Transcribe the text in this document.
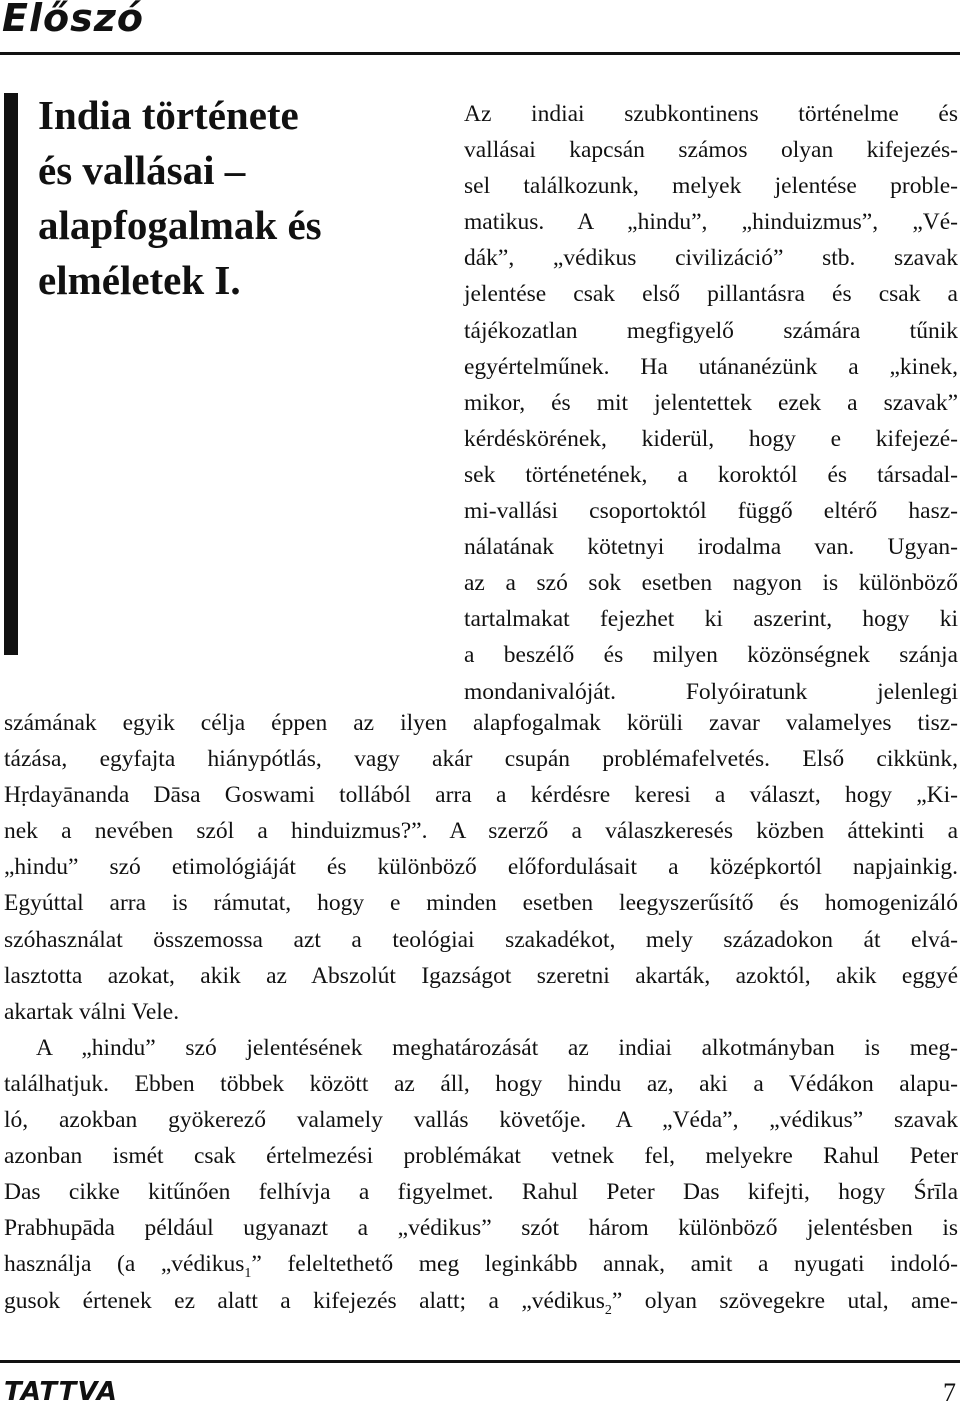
Előszó
India története
és vallásai –
alapfogalmak és
elméletek I.
Az indiai szubkontinens történelme és
vallásai kapcsán számos olyan kifejezés-
sel találkozunk, melyek jelentése proble-
matikus. A „hindu”, „hinduizmus”, „Vé-
dák”, „védikus civilizáció” stb. szavak
jelentése csak első pillantásra és csak a
tájékozatlan megfigyelő számára tűnik
egyértelműnek. Ha utánanézünk a „kinek,
mikor, és mit jelentettek ezek a szavak”
kérdéskörének, kiderül, hogy e kifejezé-
sek történetének, a koroktól és társadal-
mi-vallási csoportoktól függő eltérő hasz-
nálatának kötetnyi irodalma van. Ugyan-
az a szó sok esetben nagyon is különböző
tartalmakat fejezhet ki aszerint, hogy ki
a beszélő és milyen közönségnek szánja
mondanivalóját. Folyóiratunk jelenlegi
számának egyik célja éppen az ilyen alapfogalmak körüli zavar valamelyes tisz-
tázása, egyfajta hiánypótlás, vagy akár csupán problémafelvetés. Első cikkünk,
Hṛdayānanda Dāsa Goswami tollából arra a kérdésre keresi a választ, hogy „Ki-
nek a nevében szól a hinduizmus?”. A szerző a válaszkeresés közben áttekinti a
„hindu” szó etimológiáját és különböző előfordulásait a középkortól napjainkig.
Egyúttal arra is rámutat, hogy e minden esetben leegyszerűsítő és homogenizáló
szóhasználat összemossa azt a teológiai szakadékot, mely századokon át elvá-
lasztotta azokat, akik az Abszolút Igazságot szeretni akarták, azoktól, akik eggyé
akartak válni Vele.
A „hindu” szó jelentésének meghatározását az indiai alkotmányban is meg-
találhatjuk. Ebben többek között az áll, hogy hindu az, aki a Védákon alapu-
ló, azokban gyökerező valamely vallás követője. A „Véda”, „védikus” szavak
azonban ismét csak értelmezési problémákat vetnek fel, melyekre Rahul Peter
Das cikke kitűnően felhívja a figyelmet. Rahul Peter Das kifejti, hogy Śrīla
Prabhupāda például ugyanazt a „védikus” szót három különböző jelentésben is
használja (a „védikus$_1$” feleltethető meg leginkább annak, amit a nyugati indoló-
gusok értenek ez alatt a kifejezés alatt; a „védikus$_2$” olyan szövegekre utal, ame-
TATTVA	7
